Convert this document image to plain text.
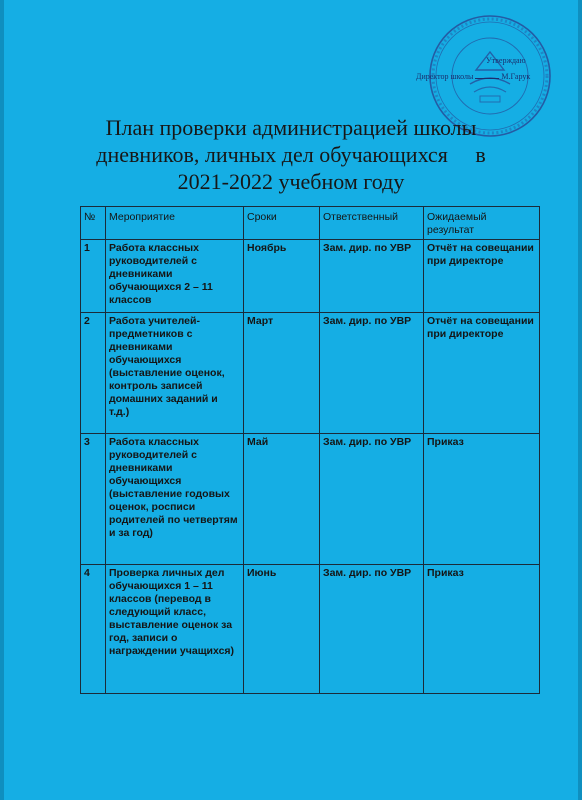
Утверждаю
Директор школы	М.Гарук
План проверки администрацией школы
дневников, личных дел обучающихся     в
2021-2022 учебном году
№	Мероприятие	Сроки	Ответственный	Ожидаемый результат
1	Работа классных руководителей с дневниками обучающихся 2 – 11 классов	Ноябрь	Зам. дир. по УВР	Отчёт на совещании при директоре
2	Работа учителей-предметников с дневниками обучающихся (выставление оценок, контроль записей домашних заданий и т.д.)	Март	Зам. дир. по УВР	Отчёт на совещании при директоре
3	Работа классных руководителей с дневниками обучающихся (выставление годовых оценок, росписи родителей по четвертям и за год)	Май	Зам. дир. по УВР	Приказ
4	Проверка личных дел обучающихся 1 – 11 классов (перевод в следующий класс, выставление оценок за год, записи о награждении учащихся)	Июнь	Зам. дир. по УВР	Приказ
